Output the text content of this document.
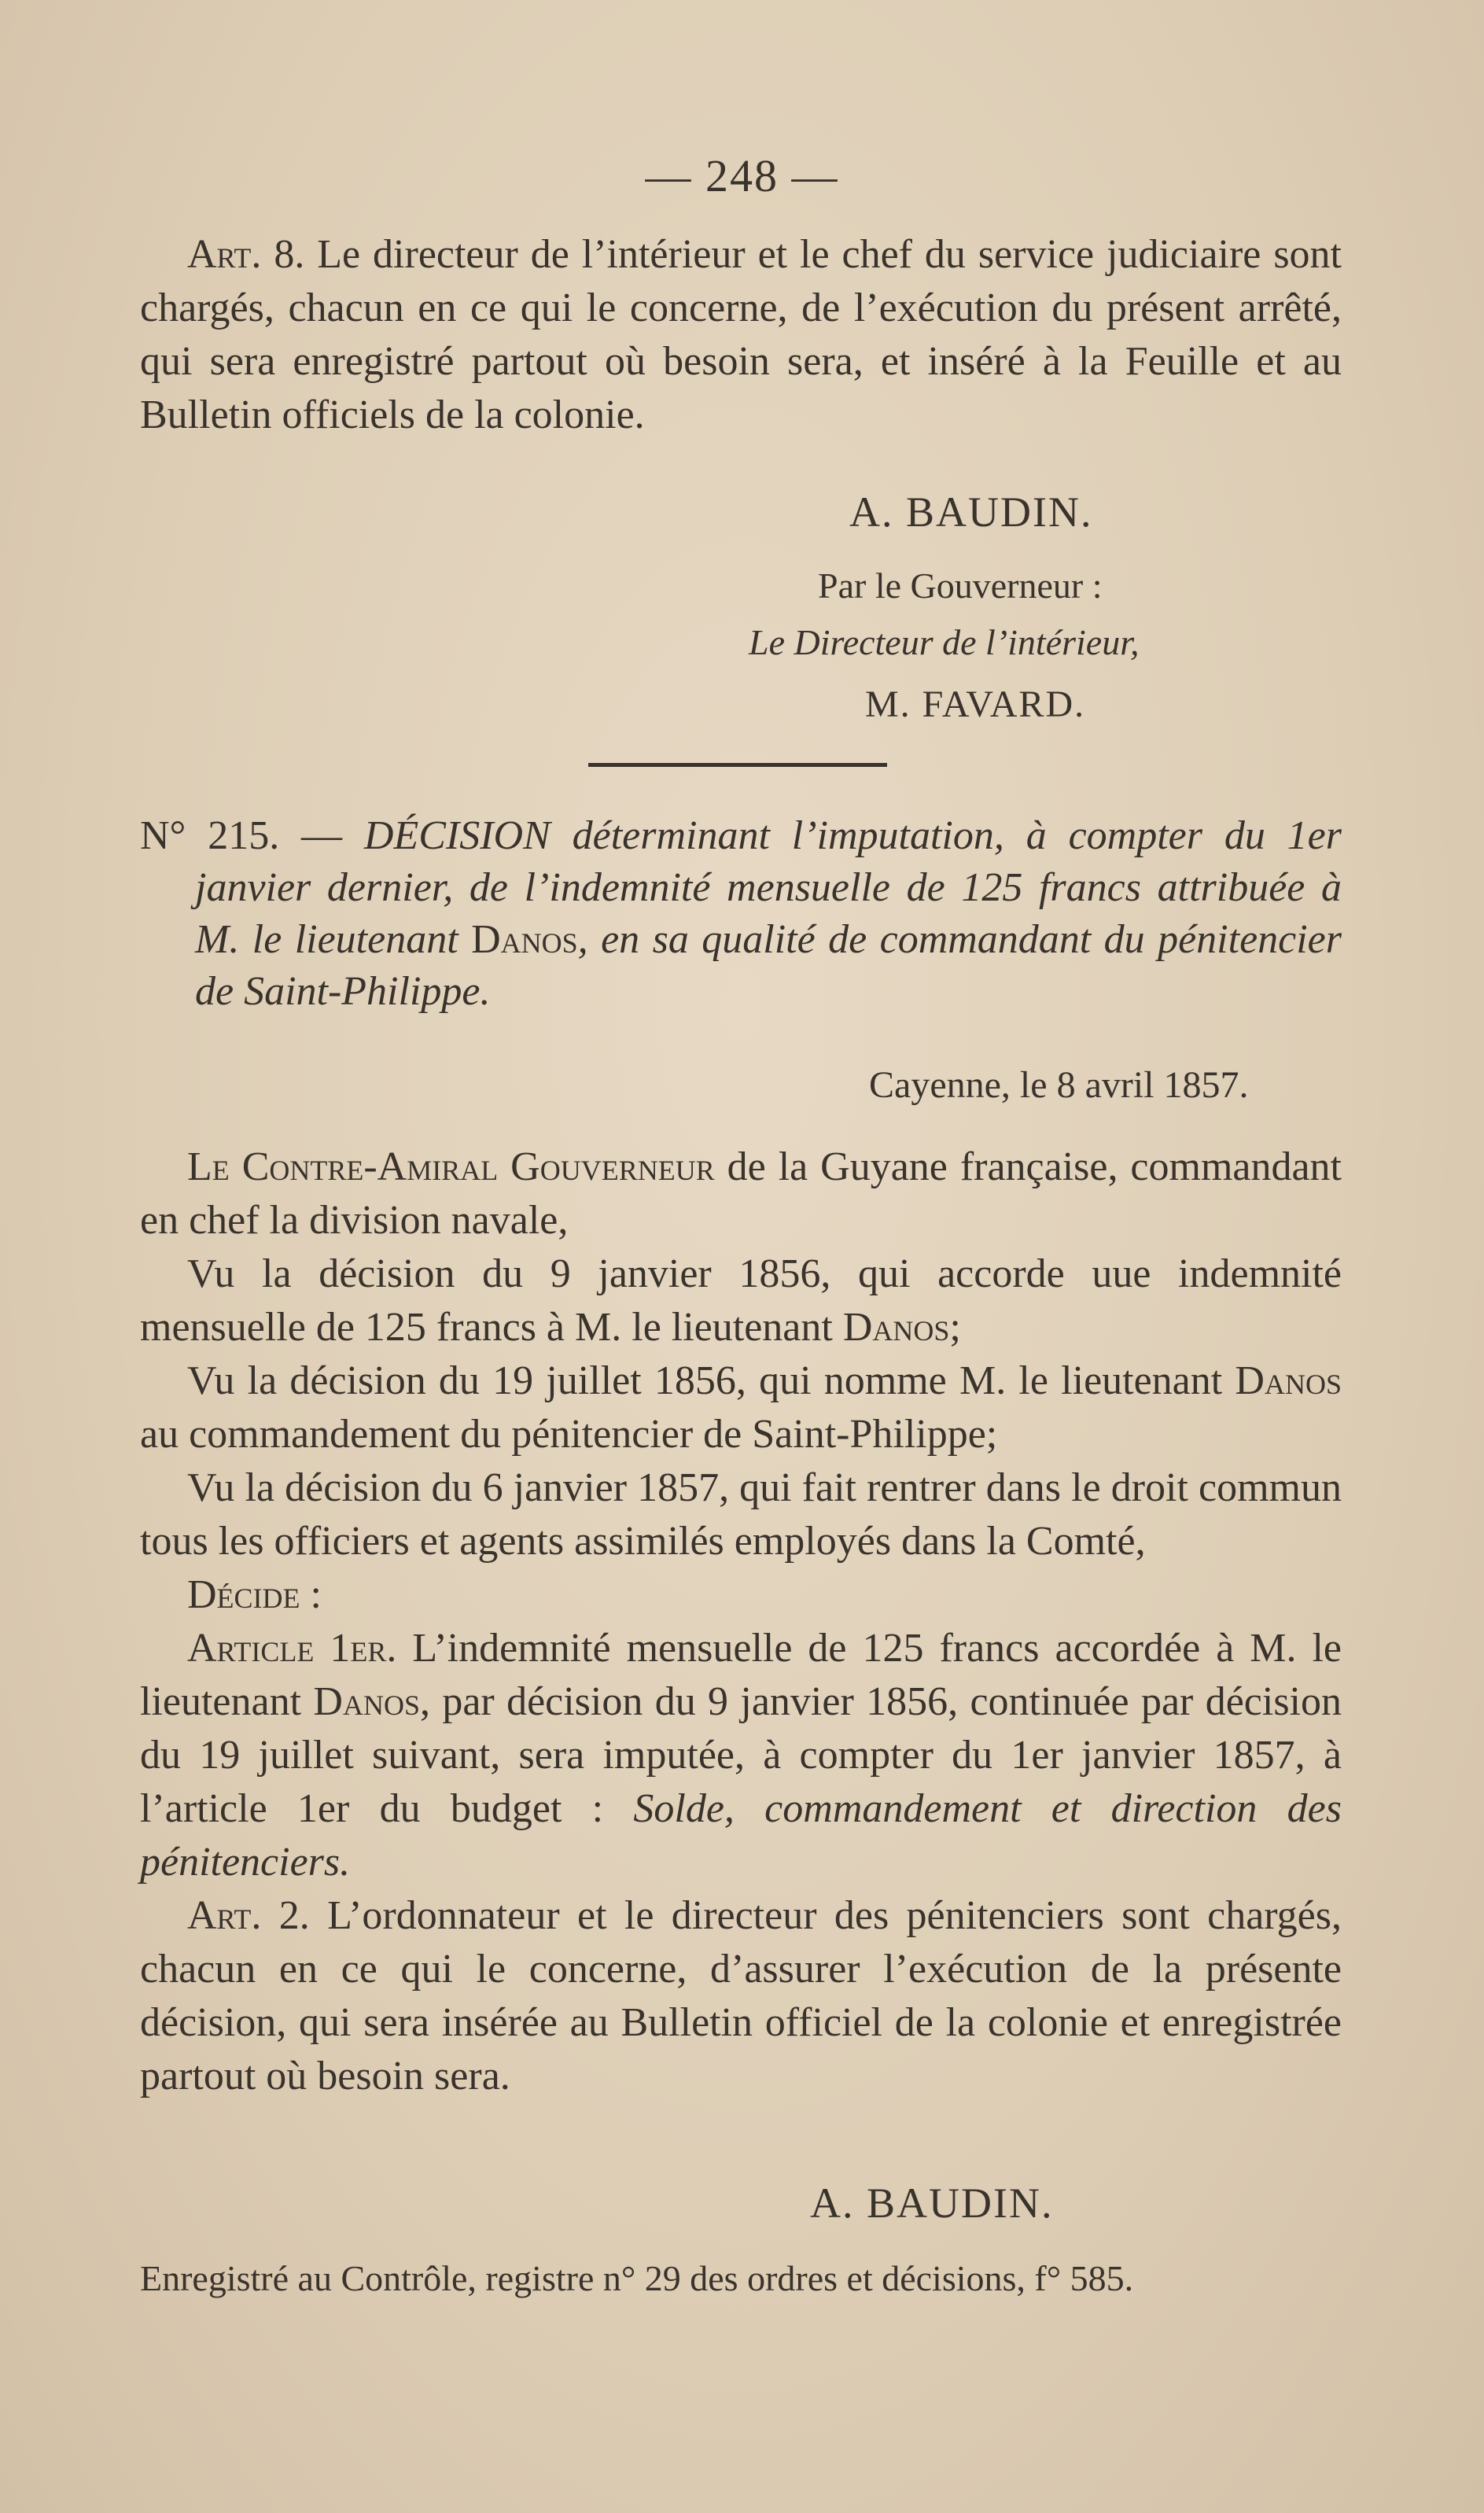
— 248 —

Art. 8. Le directeur de l’intérieur et le chef du service judiciaire sont chargés, chacun en ce qui le concerne, de l’exécution du présent arrêté, qui sera enregistré partout où besoin sera, et inséré à la Feuille et au Bulletin officiels de la colonie.

A. BAUDIN.
Par le Gouverneur :
Le Directeur de l’intérieur,
M. FAVARD.

N° 215. — DÉCISION déterminant l’imputation, à compter du 1er janvier dernier, de l’indemnité mensuelle de 125 francs attribuée à M. le lieutenant Danos, en sa qualité de commandant du pénitencier de Saint-Philippe.

Cayenne, le 8 avril 1857.

Le Contre-Amiral Gouverneur de la Guyane française, commandant en chef la division navale,

Vu la décision du 9 janvier 1856, qui accorde uue indemnité mensuelle de 125 francs à M. le lieutenant Danos;

Vu la décision du 19 juillet 1856, qui nomme M. le lieutenant Danos au commandement du pénitencier de Saint-Philippe;

Vu la décision du 6 janvier 1857, qui fait rentrer dans le droit commun tous les officiers et agents assimilés employés dans la Comté,

Décide :

Article 1er. L’indemnité mensuelle de 125 francs accordée à M. le lieutenant Danos, par décision du 9 janvier 1856, continuée par décision du 19 juillet suivant, sera imputée, à compter du 1er janvier 1857, à l’article 1er du budget : Solde, commandement et direction des pénitenciers.

Art. 2. L’ordonnateur et le directeur des pénitenciers sont chargés, chacun en ce qui le concerne, d’assurer l’exécution de la présente décision, qui sera insérée au Bulletin officiel de la colonie et enregistrée partout où besoin sera.

A. BAUDIN.
Enregistré au Contrôle, registre n° 29 des ordres et décisions, f° 585.
